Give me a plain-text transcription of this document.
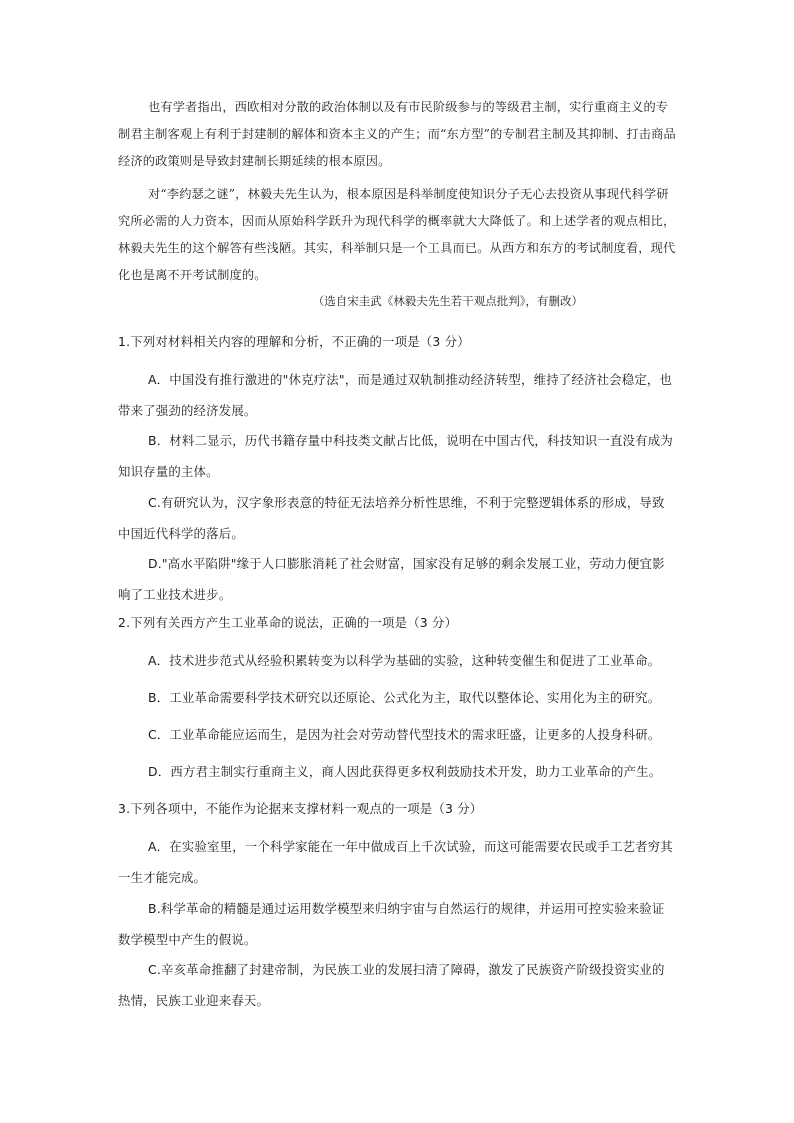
也有学者指出，西欧相对分散的政治体制以及有市民阶级参与的等级君主制，实行重商主义的专制君主制客观上有利于封建制的解体和资本主义的产生；而“东方型”的专制君主制及其抑制、打击商品经济的政策则是导致封建制长期延续的根本原因。

对“李约瑟之谜”，林毅夫先生认为，根本原因是科举制度使知识分子无心去投资从事现代科学研究所必需的人力资本，因而从原始科学跃升为现代科学的概率就大大降低了。和上述学者的观点相比，林毅夫先生的这个解答有些浅陋。其实，科举制只是一个工具而已。从西方和东方的考试制度看，现代化也是离不开考试制度的。

（选自宋圭武《林毅夫先生若干观点批判》，有删改）

1.下列对材料相关内容的理解和分析，不正确的一项是（3 分）

A．中国没有推行激进的"休克疗法"，而是通过双轨制推动经济转型，维持了经济社会稳定，也带来了强劲的经济发展。

B．材料二显示，历代书籍存量中科技类文献占比低，说明在中国古代，科技知识一直没有成为知识存量的主体。

C.有研究认为，汉字象形表意的特征无法培养分析性思维，不利于完整逻辑体系的形成，导致中国近代科学的落后。

D."高水平陷阱"缘于人口膨胀消耗了社会财富，国家没有足够的剩余发展工业，劳动力便宜影响了工业技术进步。

2.下列有关西方产生工业革命的说法，正确的一项是（3 分）

A．技术进步范式从经验积累转变为以科学为基础的实验，这种转变催生和促进了工业革命。

B．工业革命需要科学技术研究以还原论、公式化为主，取代以整体论、实用化为主的研究。

C．工业革命能应运而生，是因为社会对劳动替代型技术的需求旺盛，让更多的人投身科研。

D．西方君主制实行重商主义，商人因此获得更多权利鼓励技术开发，助力工业革命的产生。

3.下列各项中，不能作为论据来支撑材料一观点的一项是（3 分）

A．在实验室里，一个科学家能在一年中做成百上千次试验，而这可能需要农民或手工艺者穷其一生才能完成。

B.科学革命的精髓是通过运用数学模型来归纳宇宙与自然运行的规律，并运用可控实验来验证数学模型中产生的假说。

C.辛亥革命推翻了封建帝制，为民族工业的发展扫清了障碍，激发了民族资产阶级投资实业的热情，民族工业迎来春天。
